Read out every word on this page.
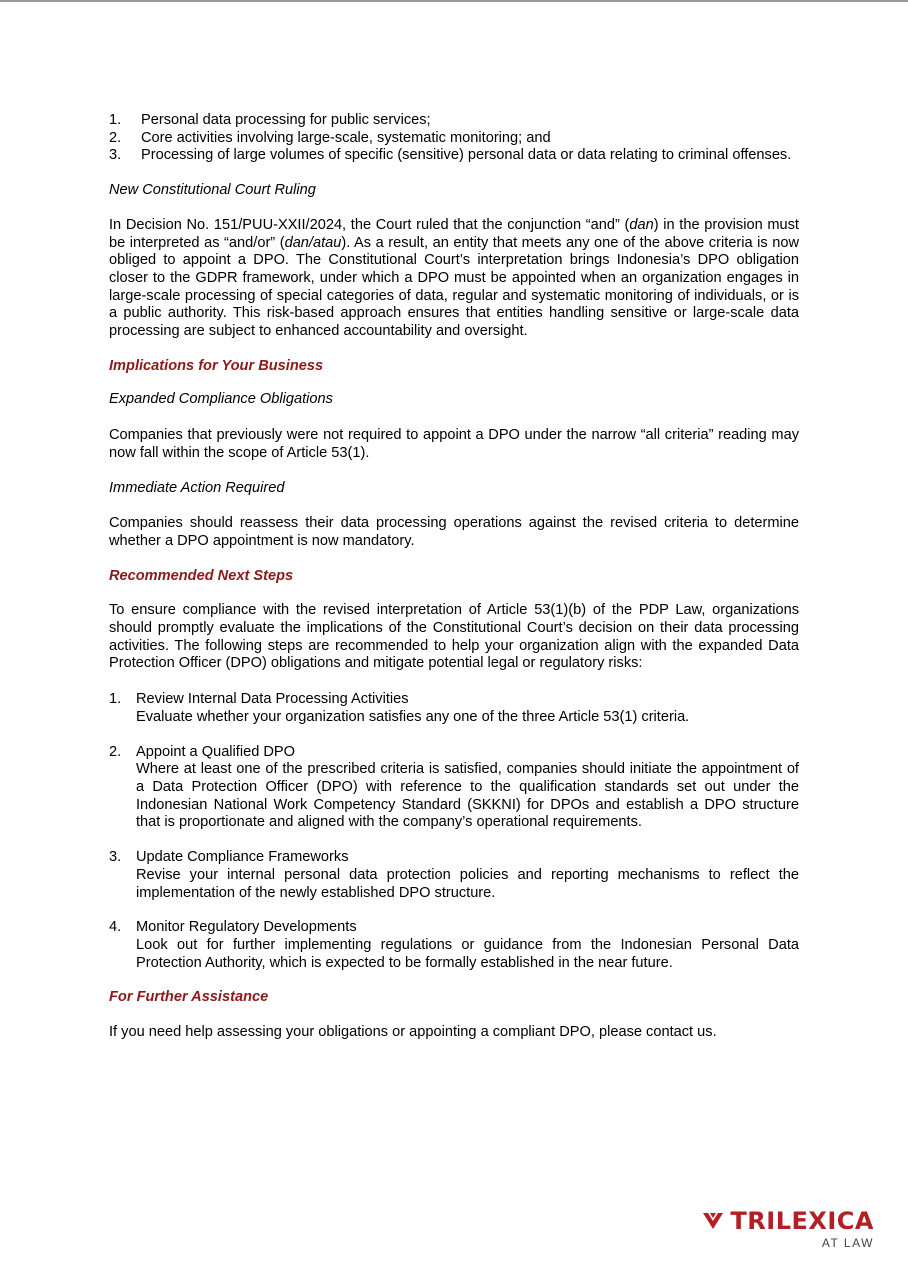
1. Personal data processing for public services;
2. Core activities involving large-scale, systematic monitoring; and
3. Processing of large volumes of specific (sensitive) personal data or data relating to criminal offenses.

New Constitutional Court Ruling

In Decision No. 151/PUU-XXII/2024, the Court ruled that the conjunction “and” (dan) in the provision must be interpreted as “and/or” (dan/atau). As a result, an entity that meets any one of the above criteria is now obliged to appoint a DPO. The Constitutional Court’s interpretation brings Indonesia’s DPO obligation closer to the GDPR framework, under which a DPO must be appointed when an organization engages in large-scale processing of special categories of data, regular and systematic monitoring of individuals, or is a public authority. This risk-based approach ensures that entities handling sensitive or large-scale data processing are subject to enhanced accountability and oversight.

Implications for Your Business

Expanded Compliance Obligations

Companies that previously were not required to appoint a DPO under the narrow “all criteria” reading may now fall within the scope of Article 53(1).

Immediate Action Required

Companies should reassess their data processing operations against the revised criteria to determine whether a DPO appointment is now mandatory.

Recommended Next Steps

To ensure compliance with the revised interpretation of Article 53(1)(b) of the PDP Law, organizations should promptly evaluate the implications of the Constitutional Court’s decision on their data processing activities. The following steps are recommended to help your organization align with the expanded Data Protection Officer (DPO) obligations and mitigate potential legal or regulatory risks:

1. Review Internal Data Processing Activities
Evaluate whether your organization satisfies any one of the three Article 53(1) criteria.
2. Appoint a Qualified DPO
Where at least one of the prescribed criteria is satisfied, companies should initiate the appointment of a Data Protection Officer (DPO) with reference to the qualification standards set out under the Indonesian National Work Competency Standard (SKKNI) for DPOs and establish a DPO structure that is proportionate and aligned with the company’s operational requirements.
3. Update Compliance Frameworks
Revise your internal personal data protection policies and reporting mechanisms to reflect the implementation of the newly established DPO structure.
4. Monitor Regulatory Developments
Look out for further implementing regulations or guidance from the Indonesian Personal Data Protection Authority, which is expected to be formally established in the near future.

For Further Assistance

If you need help assessing your obligations or appointing a compliant DPO, please contact us.

TRILEXICA
AT LAW
